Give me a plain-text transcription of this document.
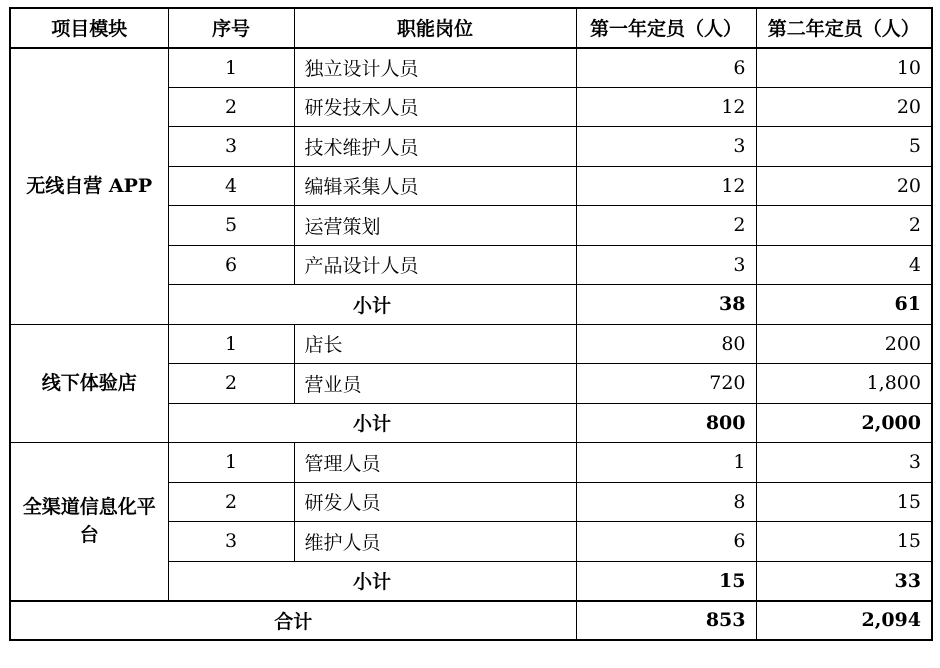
项目模块	序号	职能岗位	第一年定员（人）	第二年定员（人）
无线自营 APP	1	独立设计人员	6	10
	2	研发技术人员	12	20
	3	技术维护人员	3	5
	4	编辑采集人员	12	20
	5	运营策划	2	2
	6	产品设计人员	3	4
	小计		38	61
线下体验店	1	店长	80	200
	2	营业员	720	1,800
	小计		800	2,000
全渠道信息化平台	1	管理人员	1	3
	2	研发人员	8	15
	3	维护人员	6	15
	小计		15	33
合计			853	2,094
